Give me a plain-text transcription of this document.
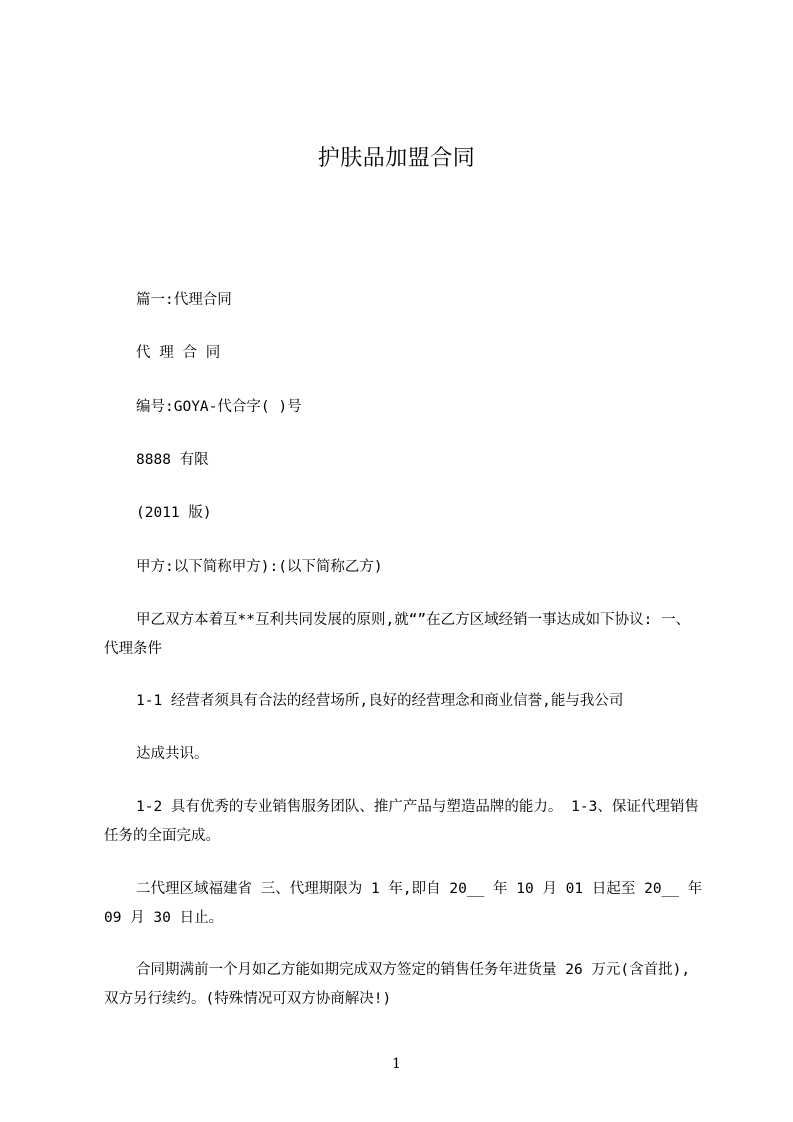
护肤品加盟合同
篇一:代理合同
代 理 合 同
编号:GOYA-代合字( )号
8888 有限
(2011 版)
甲方:以下简称甲方):(以下简称乙方)
甲乙双方本着互**互利共同发展的原则,就“”在乙方区域经销一事达成如下协议: 一、代理条件
1-1 经营者须具有合法的经营场所,良好的经营理念和商业信誉,能与我公司
达成共识。
1-2 具有优秀的专业销售服务团队、推广产品与塑造品牌的能力。 1-3、保证代理销售任务的全面完成。
二代理区域福建省 三、代理期限为 1 年,即自 20__ 年 10 月 01 日起至 20__ 年 09 月 30 日止。
合同期满前一个月如乙方能如期完成双方签定的销售任务年进货量 26 万元(含首批),双方另行续约。(特殊情况可双方协商解决!)
1
